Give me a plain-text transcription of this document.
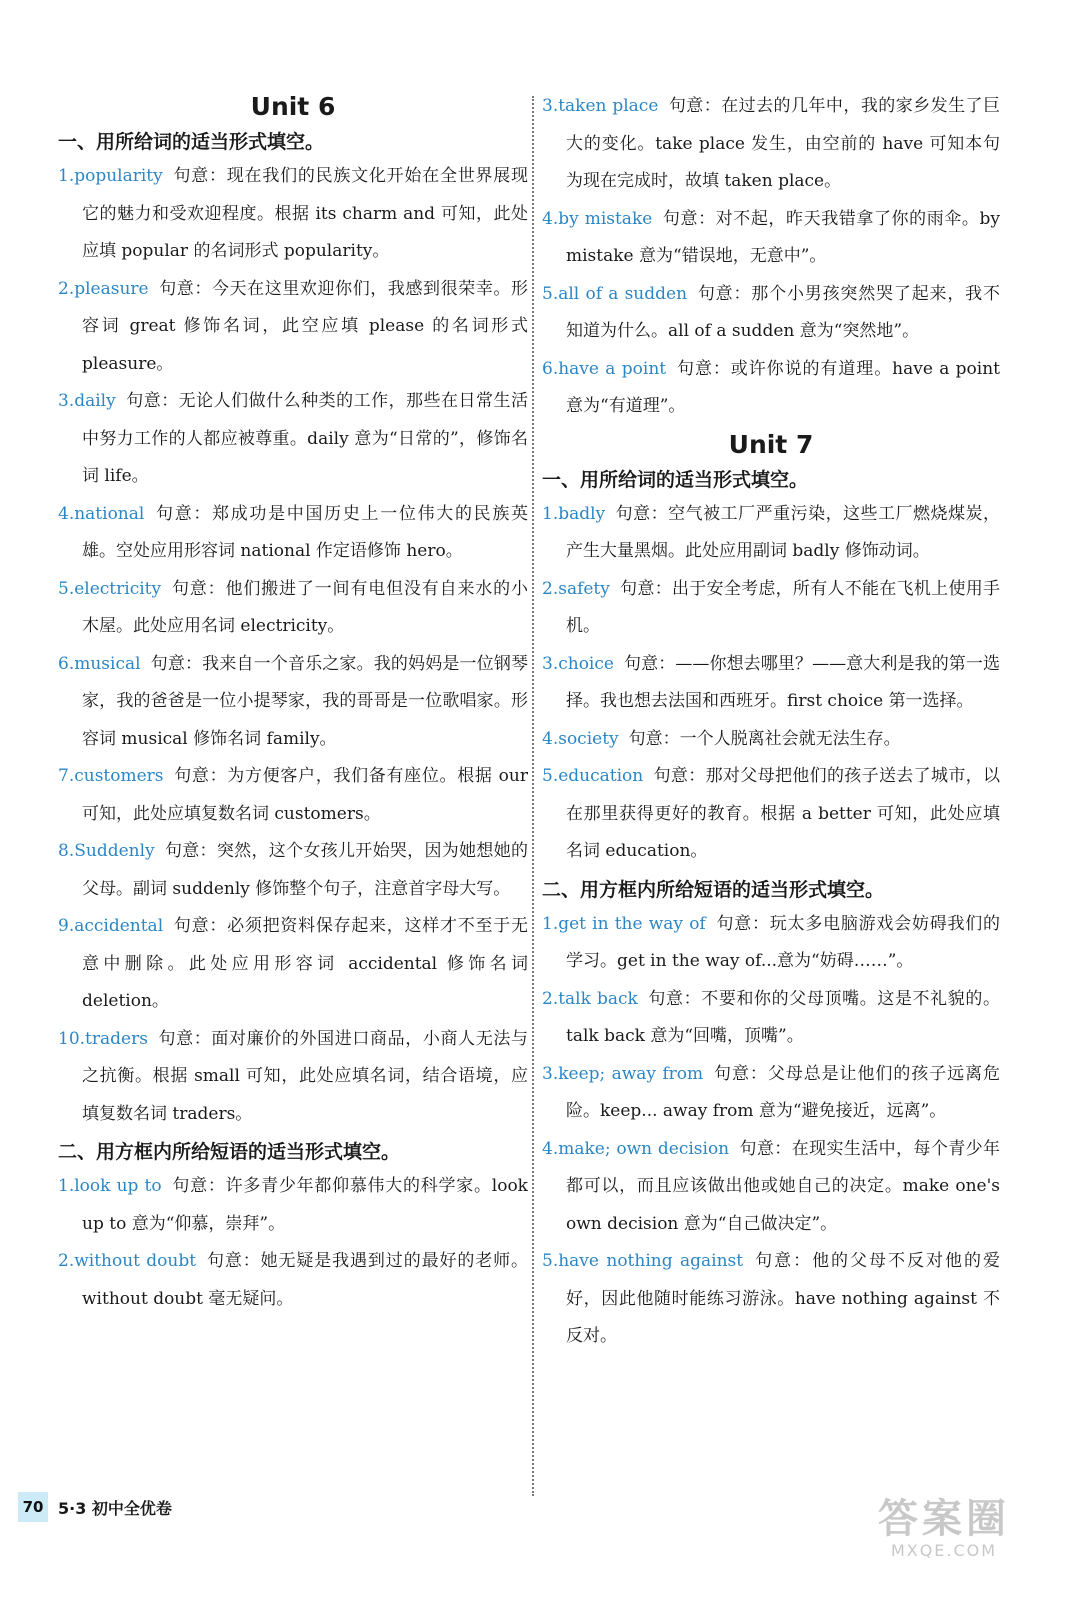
Unit 6
一、用所给词的适当形式填空。

1.popularity 句意：现在我们的民族文化开始在全世界展现它的魅力和受欢迎程度。根据 its charm and 可知，此处应填 popular 的名词形式 popularity。

2.pleasure 句意：今天在这里欢迎你们，我感到很荣幸。形容词 great 修饰名词，此空应填 please 的名词形式 pleasure。

3.daily 句意：无论人们做什么种类的工作，那些在日常生活中努力工作的人都应被尊重。daily 意为“日常的”，修饰名词 life。

4.national 句意：郑成功是中国历史上一位伟大的民族英雄。空处应用形容词 national 作定语修饰 hero。

5.electricity 句意：他们搬进了一间有电但没有自来水的小木屋。此处应用名词 electricity。

6.musical 句意：我来自一个音乐之家。我的妈妈是一位钢琴家，我的爸爸是一位小提琴家，我的哥哥是一位歌唱家。形容词 musical 修饰名词 family。

7.customers 句意：为方便客户，我们备有座位。根据 our 可知，此处应填复数名词 customers。

8.Suddenly 句意：突然，这个女孩儿开始哭，因为她想她的父母。副词 suddenly 修饰整个句子，注意首字母大写。

9.accidental 句意：必须把资料保存起来，这样才不至于无意中删除。此处应用形容词 accidental 修饰名词 deletion。

10.traders 句意：面对廉价的外国进口商品，小商人无法与之抗衡。根据 small 可知，此处应填名词，结合语境，应填复数名词 traders。

二、用方框内所给短语的适当形式填空。

1.look up to 句意：许多青少年都仰慕伟大的科学家。look up to 意为“仰慕，崇拜”。

2.without doubt 句意：她无疑是我遇到过的最好的老师。without doubt 毫无疑问。

3.taken place 句意：在过去的几年中，我的家乡发生了巨大的变化。take place 发生，由空前的 have 可知本句为现在完成时，故填 taken place。

4.by mistake 句意：对不起，昨天我错拿了你的雨伞。by mistake 意为“错误地，无意中”。

5.all of a sudden 句意：那个小男孩突然哭了起来，我不知道为什么。all of a sudden 意为“突然地”。

6.have a point 句意：或许你说的有道理。have a point 意为“有道理”。

Unit 7
一、用所给词的适当形式填空。

1.badly 句意：空气被工厂严重污染，这些工厂燃烧煤炭，产生大量黑烟。此处应用副词 badly 修饰动词。

2.safety 句意：出于安全考虑，所有人不能在飞机上使用手机。

3.choice 句意：——你想去哪里？——意大利是我的第一选择。我也想去法国和西班牙。first choice 第一选择。

4.society 句意：一个人脱离社会就无法生存。

5.education 句意：那对父母把他们的孩子送去了城市，以在那里获得更好的教育。根据 a better 可知，此处应填名词 education。

二、用方框内所给短语的适当形式填空。

1.get in the way of 句意：玩太多电脑游戏会妨碍我们的学习。get in the way of...意为“妨碍……”。

2.talk back 句意：不要和你的父母顶嘴。这是不礼貌的。talk back 意为“回嘴，顶嘴”。

3.keep; away from 句意：父母总是让他们的孩子远离危险。keep... away from 意为“避免接近，远离”。

4.make; own decision 句意：在现实生活中，每个青少年都可以，而且应该做出他或她自己的决定。make one's own decision 意为“自己做决定”。

5.have nothing against 句意：他的父母不反对他的爱好，因此他随时能练习游泳。have nothing against 不反对。

70 5·3 初中全优卷	答案圈
MXQE.COM
